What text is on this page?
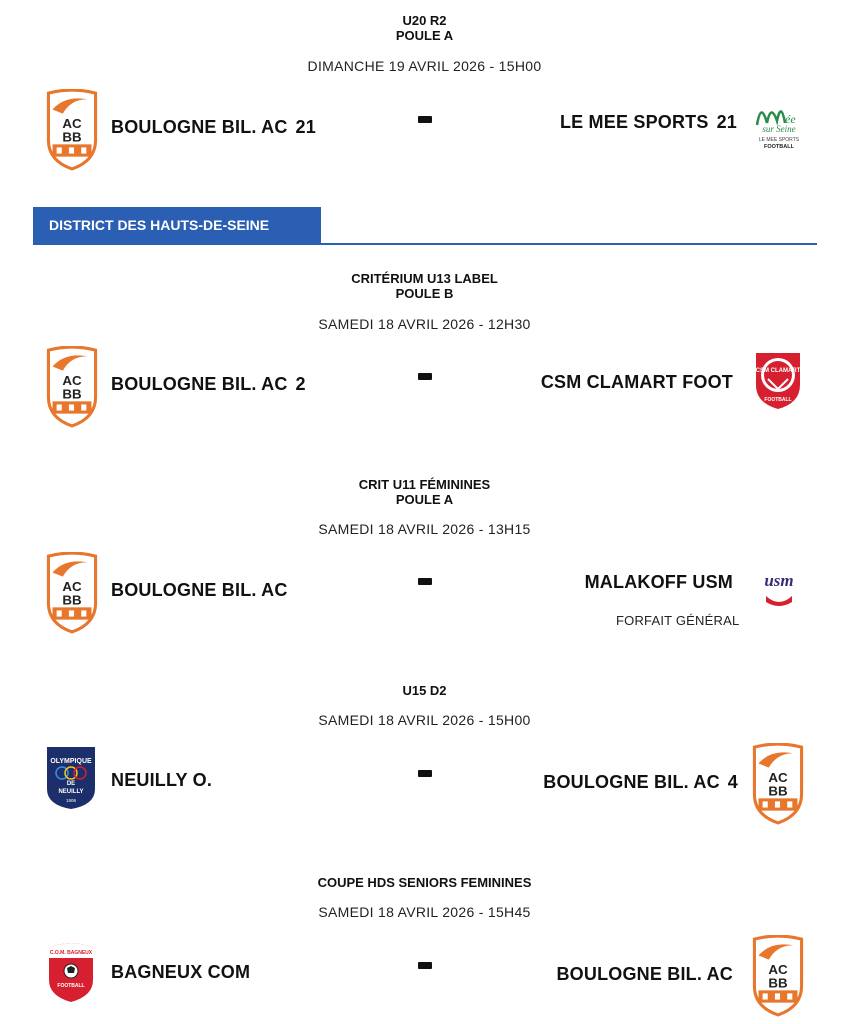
U20 R2
POULE A
DIMANCHE 19 AVRIL 2026 - 15H00
AC
BB BOULOGNE BIL. AC 21	LE MEE SPORTS 21	ée
sur Seine
LE MEE SPORTS
FOOTBALL
DISTRICT DES HAUTS-DE-SEINE
CRITÉRIUM U13 LABEL
POULE B
SAMEDI 18 AVRIL 2026 - 12H30
AC
BB BOULOGNE BIL. AC 2	CSM CLAMART FOOT
CSM CLAMART
FOOTBALL
CRIT U11 FÉMININES
POULE A
SAMEDI 18 AVRIL 2026 - 13H15
AC
BB BOULOGNE BIL. AC	MALAKOFF USM usm
FORFAIT GÉNÉRAL
U15 D2
SAMEDI 18 AVRIL 2026 - 15H00
OLYMPIQUE
DE
NEUILLY
1906
NEUILLY O.	BOULOGNE BIL. AC 4 AC
BB
COUPE HDS SENIORS FEMININES
SAMEDI 18 AVRIL 2026 - 15H45
C.O.M. BAGNEUX
FOOTBALL
BAGNEUX COM	BOULOGNE BIL. AC	AC
BB
